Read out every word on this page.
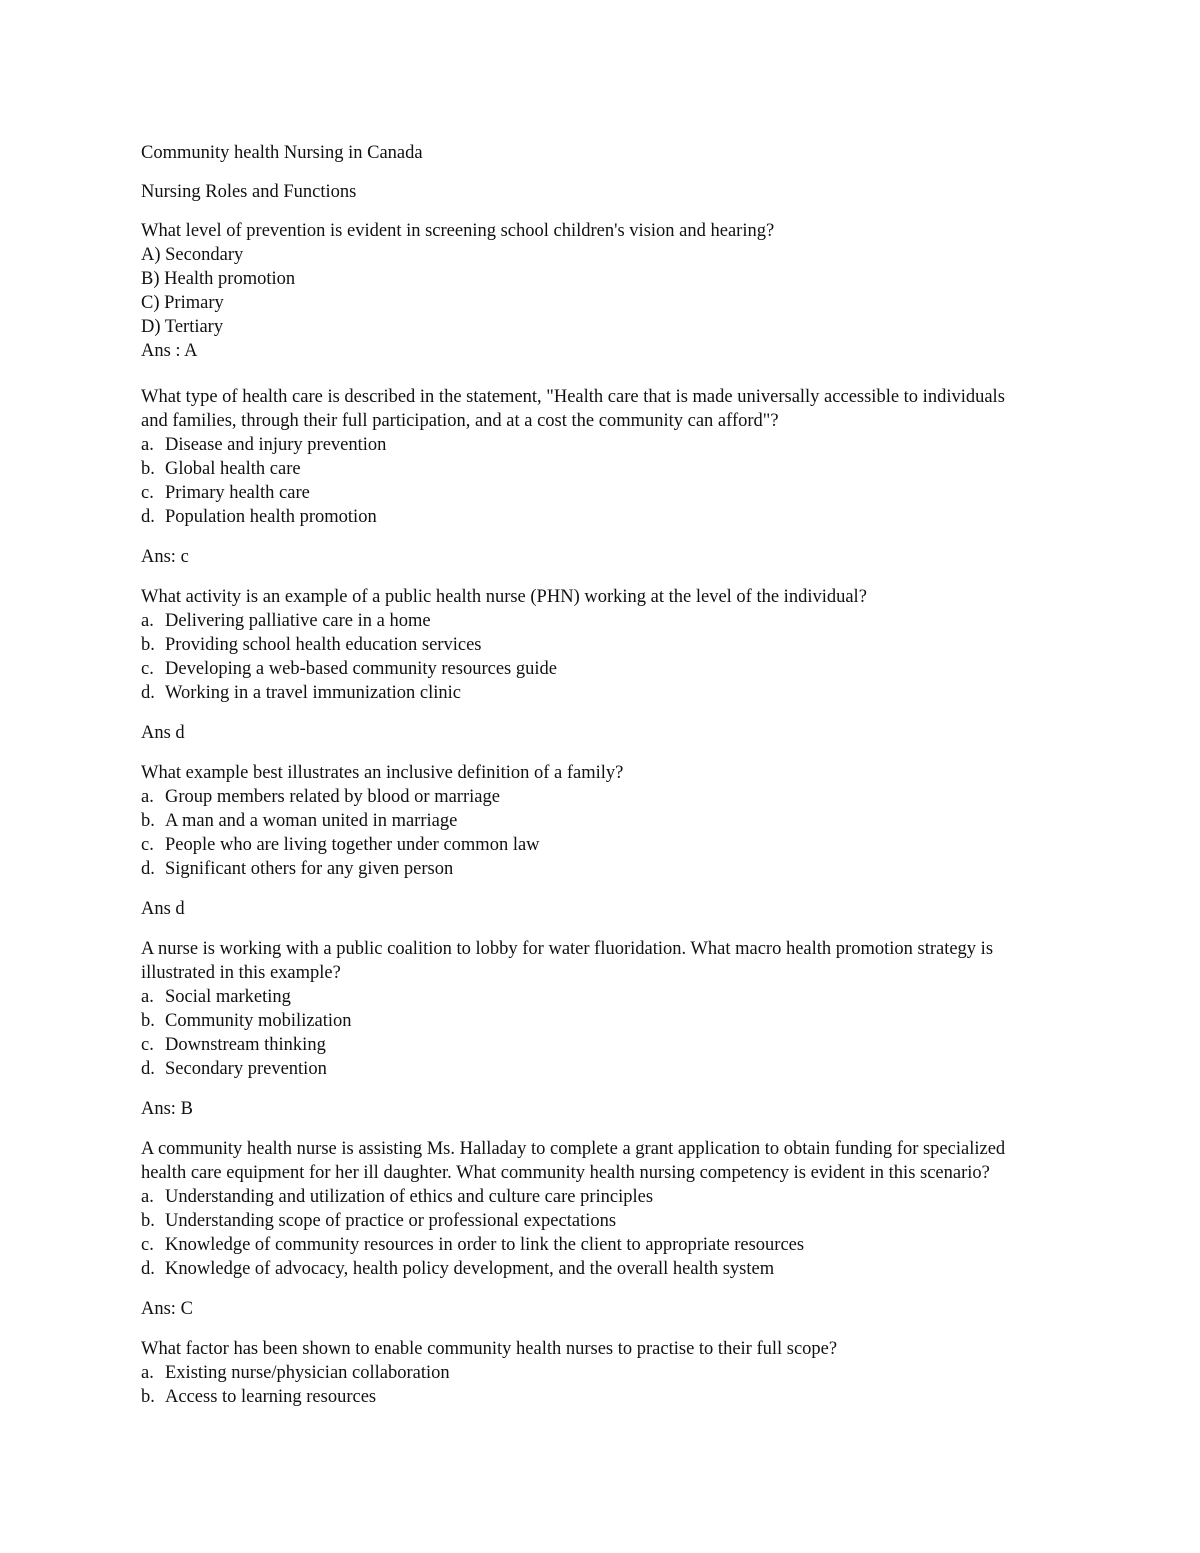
Community health Nursing in Canada
Nursing Roles and Functions
What level of prevention is evident in screening school children's vision and hearing?
A) Secondary
B) Health promotion
C) Primary
D) Tertiary
Ans : A
What type of health care is described in the statement, "Health care that is made universally accessible to individuals
and families, through their full participation, and at a cost the community can afford"?
a. Disease and injury prevention
b. Global health care
c. Primary health care
d. Population health promotion
Ans: c
What activity is an example of a public health nurse (PHN) working at the level of the individual?
a. Delivering palliative care in a home
b. Providing school health education services
c. Developing a web-based community resources guide
d. Working in a travel immunization clinic
Ans d
What example best illustrates an inclusive definition of a family?
a. Group members related by blood or marriage
b. A man and a woman united in marriage
c. People who are living together under common law
d. Significant others for any given person
Ans d
A nurse is working with a public coalition to lobby for water fluoridation. What macro health promotion strategy is
illustrated in this example?
a. Social marketing
b. Community mobilization
c. Downstream thinking
d. Secondary prevention
Ans: B
A community health nurse is assisting Ms. Halladay to complete a grant application to obtain funding for specialized
health care equipment for her ill daughter. What community health nursing competency is evident in this scenario?
a. Understanding and utilization of ethics and culture care principles
b. Understanding scope of practice or professional expectations
c. Knowledge of community resources in order to link the client to appropriate resources
d. Knowledge of advocacy, health policy development, and the overall health system
Ans: C
What factor has been shown to enable community health nurses to practise to their full scope?
a. Existing nurse/physician collaboration
b. Access to learning resources
